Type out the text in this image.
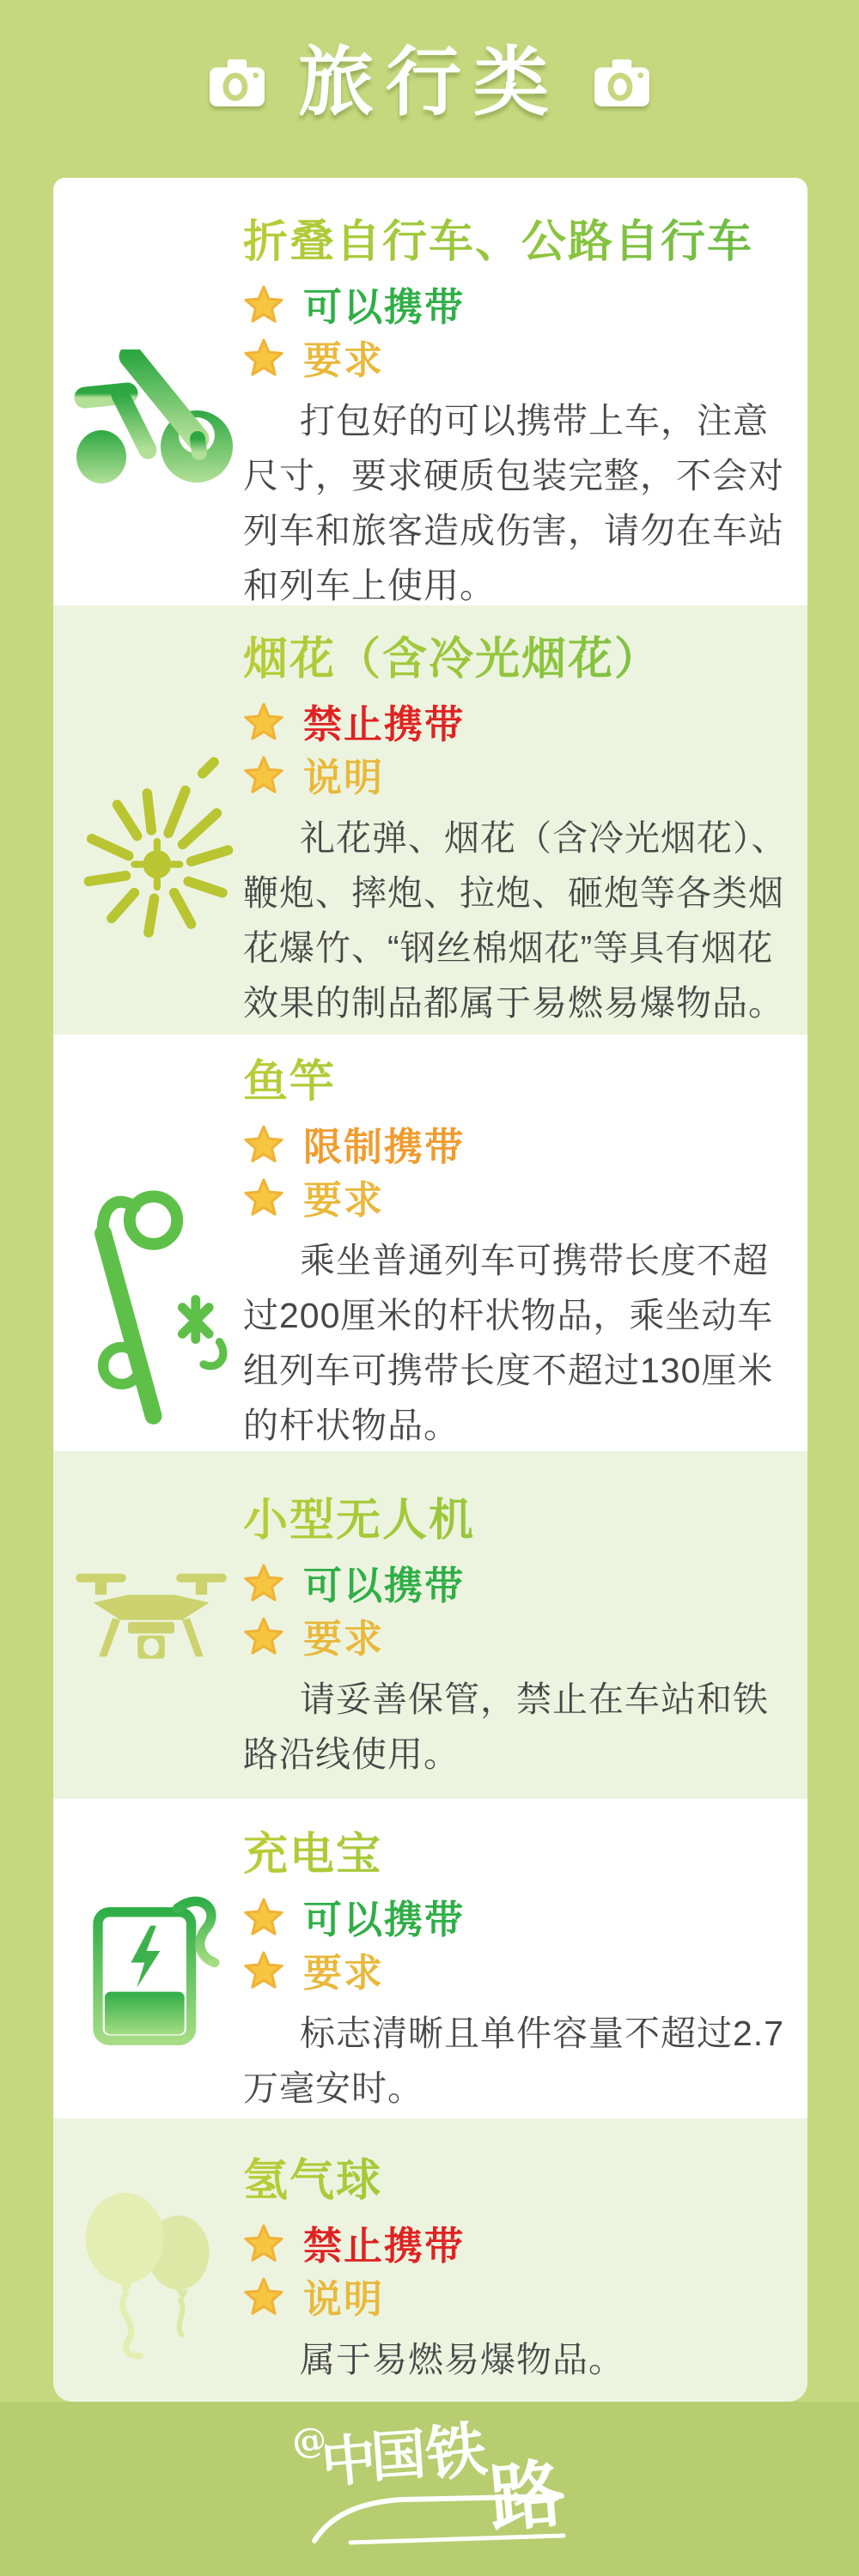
旅行类
折叠自行车、公路自行车
可以携带
要求

打包好的可以携带上车，注意尺寸，要求硬质包装完整，不会对列车和旅客造成伤害，请勿在车站和列车上使用。

烟花（含冷光烟花）
禁止携带
说明

礼花弹、烟花（含冷光烟花）、鞭炮、摔炮、拉炮、砸炮等各类烟花爆竹、“钢丝棉烟花”等具有烟花效果的制品都属于易燃易爆物品。

鱼竿
限制携带
要求

乘坐普通列车可携带长度不超过200厘米的杆状物品，乘坐动车组列车可携带长度不超过130厘米的杆状物品。

小型无人机
可以携带
要求

请妥善保管，禁止在车站和铁路沿线使用。

充电宝
可以携带
要求

标志清晰且单件容量不超过2.7万毫安时。

氢气球
禁止携带
说明

属于易燃易爆物品。

@
中
国
铁
路
